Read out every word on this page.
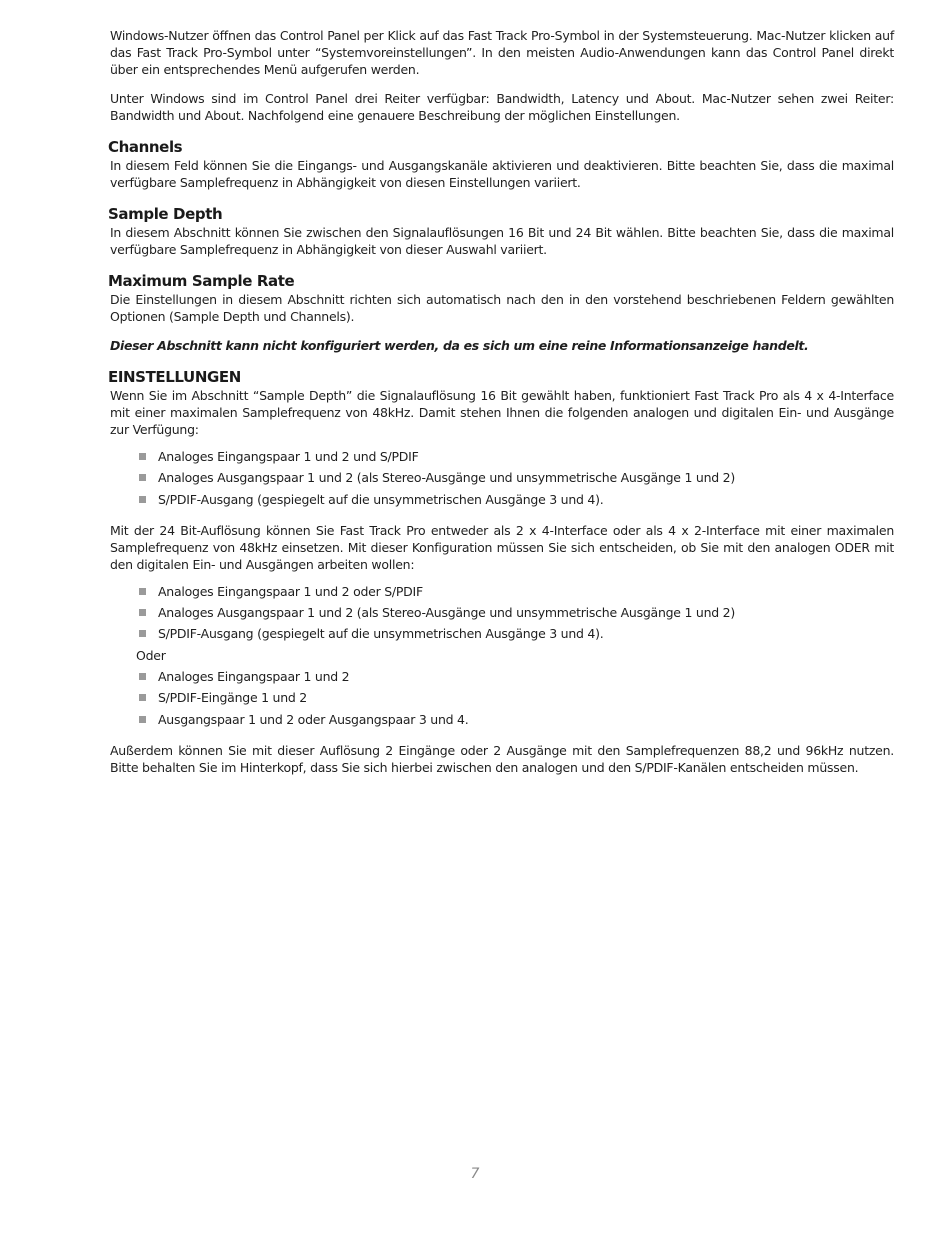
Windows-Nutzer öffnen das Control Panel per Klick auf das Fast Track Pro-Symbol in der Systemsteuerung. Mac-Nutzer klicken auf das Fast Track Pro-Symbol unter “Systemvoreinstellungen”. In den meisten Audio-Anwendungen kann das Control Panel direkt über ein entsprechendes Menü aufgerufen werden.

Unter Windows sind im Control Panel drei Reiter verfügbar: Bandwidth, Latency und About. Mac-Nutzer sehen zwei Reiter: Bandwidth und About. Nachfolgend eine genauere Beschreibung der möglichen Einstellungen.

Channels

In diesem Feld können Sie die Eingangs- und Ausgangskanäle aktivieren und deaktivieren. Bitte beachten Sie, dass die maximal verfügbare Samplefrequenz in Abhängigkeit von diesen Einstellungen variiert.

Sample Depth

In diesem Abschnitt können Sie zwischen den Signalauflösungen 16 Bit und 24 Bit wählen. Bitte beachten Sie, dass die maximal verfügbare Samplefrequenz in Abhängigkeit von dieser Auswahl variiert.

Maximum Sample Rate

Die Einstellungen in diesem Abschnitt richten sich automatisch nach den in den vorstehend beschriebenen Feldern gewählten Optionen (Sample Depth und Channels).

Dieser Abschnitt kann nicht konfiguriert werden, da es sich um eine reine Informationsanzeige handelt.

EINSTELLUNGEN

Wenn Sie im Abschnitt “Sample Depth” die Signalauflösung 16 Bit gewählt haben, funktioniert Fast Track Pro als 4 x 4-Interface mit einer maximalen Samplefrequenz von 48kHz. Damit stehen Ihnen die folgenden analogen und digitalen Ein- und Ausgänge zur Verfügung:

Analoges Eingangspaar 1 und 2 und S/PDIF
Analoges Ausgangspaar 1 und 2 (als Stereo-Ausgänge und unsymmetrische Ausgänge 1 und 2)
S/PDIF-Ausgang (gespiegelt auf die unsymmetrischen Ausgänge 3 und 4).

Mit der 24 Bit-Auflösung können Sie Fast Track Pro entweder als 2 x 4-Interface oder als 4 x 2-Interface mit einer maximalen Samplefrequenz von 48kHz einsetzen. Mit dieser Konfiguration müssen Sie sich entscheiden, ob Sie mit den analogen ODER mit den digitalen Ein- und Ausgängen arbeiten wollen:

Analoges Eingangspaar 1 und 2 oder S/PDIF
Analoges Ausgangspaar 1 und 2 (als Stereo-Ausgänge und unsymmetrische Ausgänge 1 und 2)
S/PDIF-Ausgang (gespiegelt auf die unsymmetrischen Ausgänge 3 und 4).
Oder
Analoges Eingangspaar 1 und 2
S/PDIF-Eingänge 1 und 2
Ausgangspaar 1 und 2 oder Ausgangspaar 3 und 4.

Außerdem können Sie mit dieser Auflösung 2 Eingänge oder 2 Ausgänge mit den Samplefrequenzen 88,2 und 96kHz nutzen. Bitte behalten Sie im Hinterkopf, dass Sie sich hierbei zwischen den analogen und den S/PDIF-Kanälen entscheiden müssen.

7
